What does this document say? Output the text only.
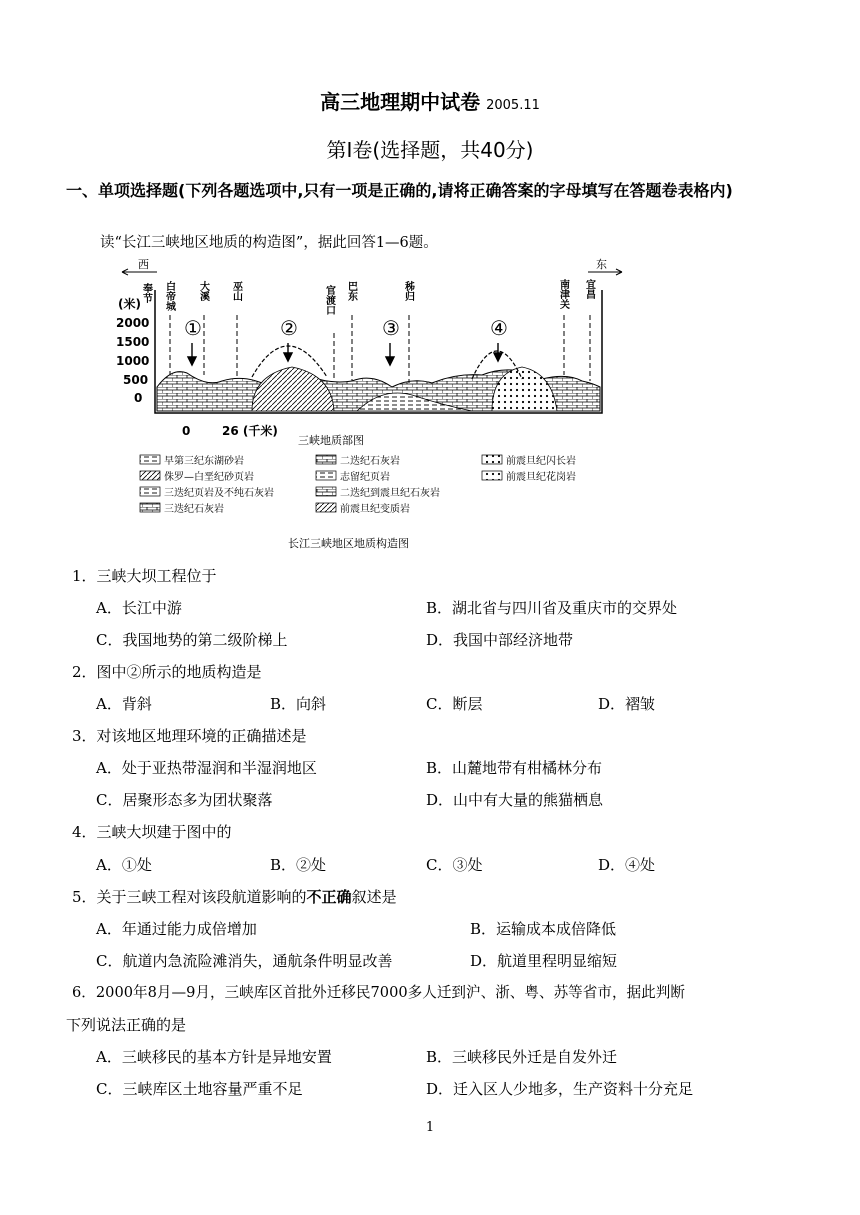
高三地理期中试卷 2005.11
第Ⅰ卷(选择题，共40分)
一、单项选择题(下列各题选项中,只有一项是正确的,请将正确答案的字母填写在答题卷表格内)
读“长江三峡地区地质的构造图”，据此回答1—6题。
西	东
(米)
2000
1500
1000
500
0
奉节 白帝城 大溪 巫山	官渡口 巴东	秭归	南津关 宜昌
①	②	③	④
0	26 (千米)
三峡地质部图
早第三纪东湖砂岩
侏罗—白垩纪砂页岩
三迭纪页岩及不纯石灰岩
三迭纪石灰岩
二迭纪石灰岩
志留纪页岩
二迭纪到震旦纪石灰岩
前震旦纪变质岩
前震旦纪闪长岩
前震旦纪花岗岩
长江三峡地区地质构造图
1．三峡大坝工程位于
A．长江中游	B．湖北省与四川省及重庆市的交界处
C．我国地势的第二级阶梯上	D．我国中部经济地带
2．图中②所示的地质构造是
A．背斜	B．向斜	C．断层	D．褶皱
3．对该地区地理环境的正确描述是
A．处于亚热带湿润和半湿润地区	B．山麓地带有柑橘林分布
C．居聚形态多为团状聚落	D．山中有大量的熊猫栖息
4．三峡大坝建于图中的
A．①处	B．②处	C．③处	D．④处
5．关于三峡工程对该段航道影响的不正确叙述是
A．年通过能力成倍增加	B．运输成本成倍降低
C．航道内急流险滩消失，通航条件明显改善	D．航道里程明显缩短
6．2000年8月—9月，三峡库区首批外迁移民7000多人迁到沪、浙、粤、苏等省市，据此判断
下列说法正确的是
A．三峡移民的基本方针是异地安置	B．三峡移民外迁是自发外迁
C．三峡库区土地容量严重不足	D．迁入区人少地多，生产资料十分充足
1
